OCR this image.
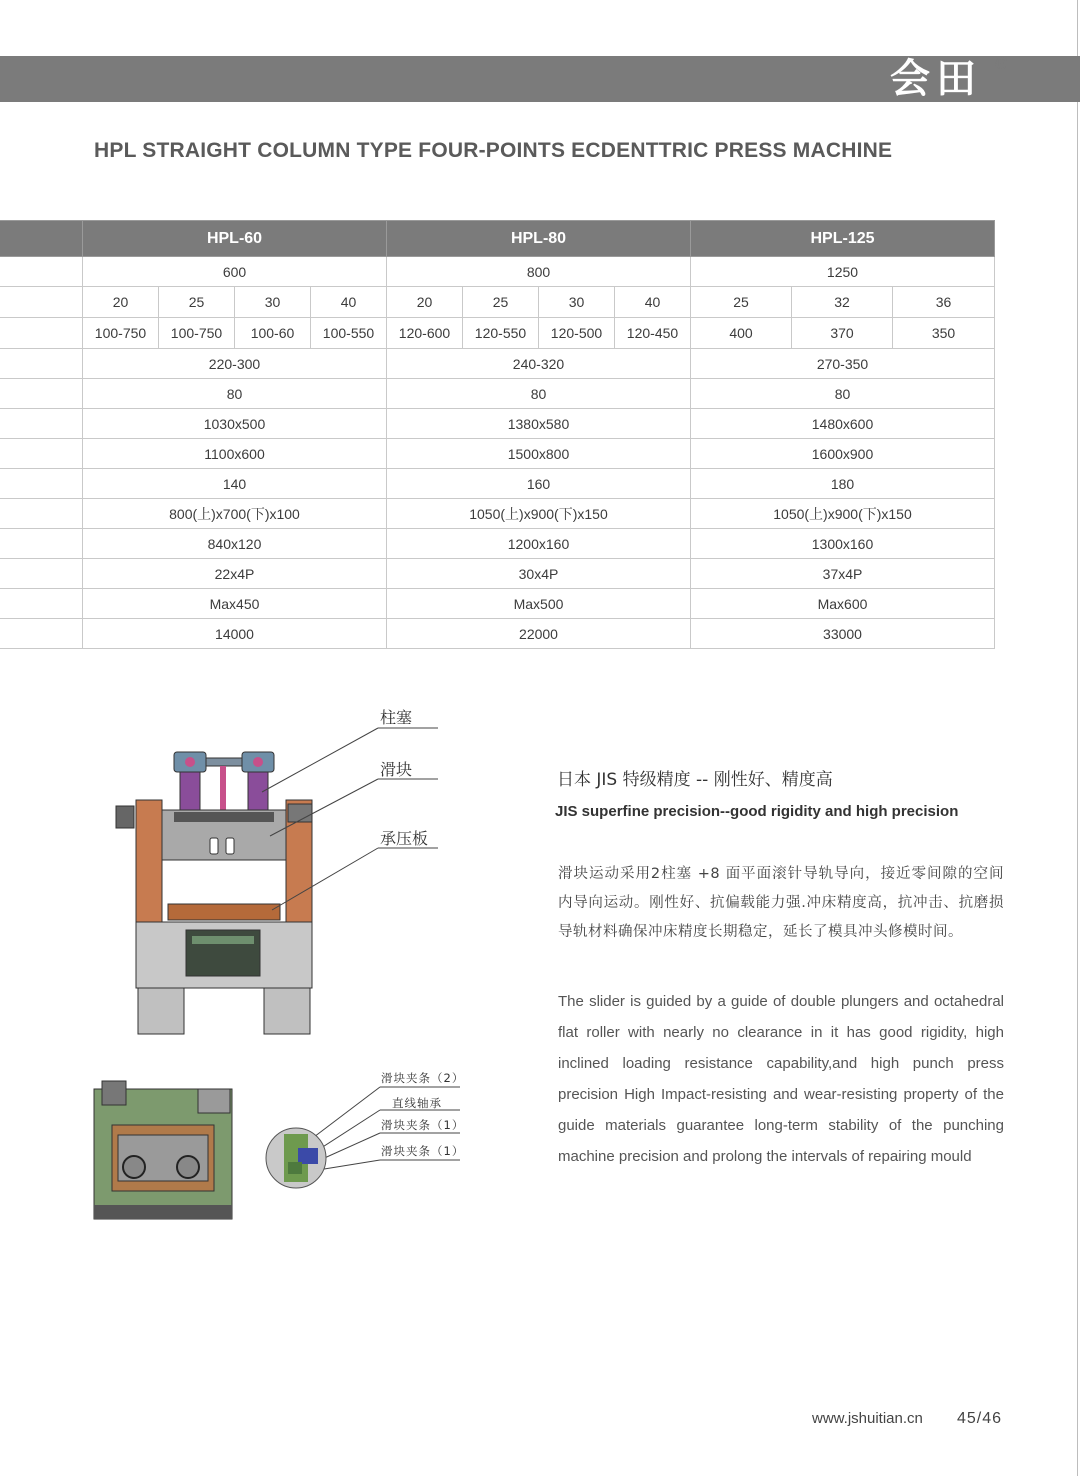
会田 ®
HPL STRAIGHT COLUMN TYPE FOUR-POINTS ECDENTTRIC PRESS MACHINE
	HPL-60				HPL-80				HPL-125		
	600				800				1250		
	20	25	30	40	20	25	30	40	25	32	36
	100-750	100-750	100-60	100-550	120-600	120-550	120-500	120-450	400	370	350
	220-300				240-320				270-350		
	80				80				80		
	1030x500				1380x580				1480x600		
	1100x600				1500x800				1600x900		
	140				160				180		
	800(上)x700(下)x100				1050(上)x900(下)x150				1050(上)x900(下)x150		
	840x120				1200x160				1300x160		
	22x4P				30x4P				37x4P		
	Max450				Max500				Max600		
	14000				22000				33000		
柱塞
滑块
承压板
滑块夹条（2）
直线轴承
滑块夹条（1）
滑块夹条（1）
日本 JIS 特级精度 -- 刚性好、精度高
JIS superfine precision--good rigidity and high precision
滑块运动采用2柱塞 +8 面平面滚针导轨导向，接近零间隙的空间内导向运动。刚性好、抗偏载能力强.冲床精度高，抗冲击、抗磨损导轨材料确保冲床精度长期稳定，延长了模具冲头修模时间。
The slider is guided by a guide of double plungers and octahedral flat roller with nearly no clearance in it has good rigidity, high inclined loading resistance capability,and high punch press precision High Impact-resisting and wear-resisting property of the guide materials guarantee long-term stability of the punching machine precision and prolong the intervals of repairing mould
www.jshuitian.cn 45/46
